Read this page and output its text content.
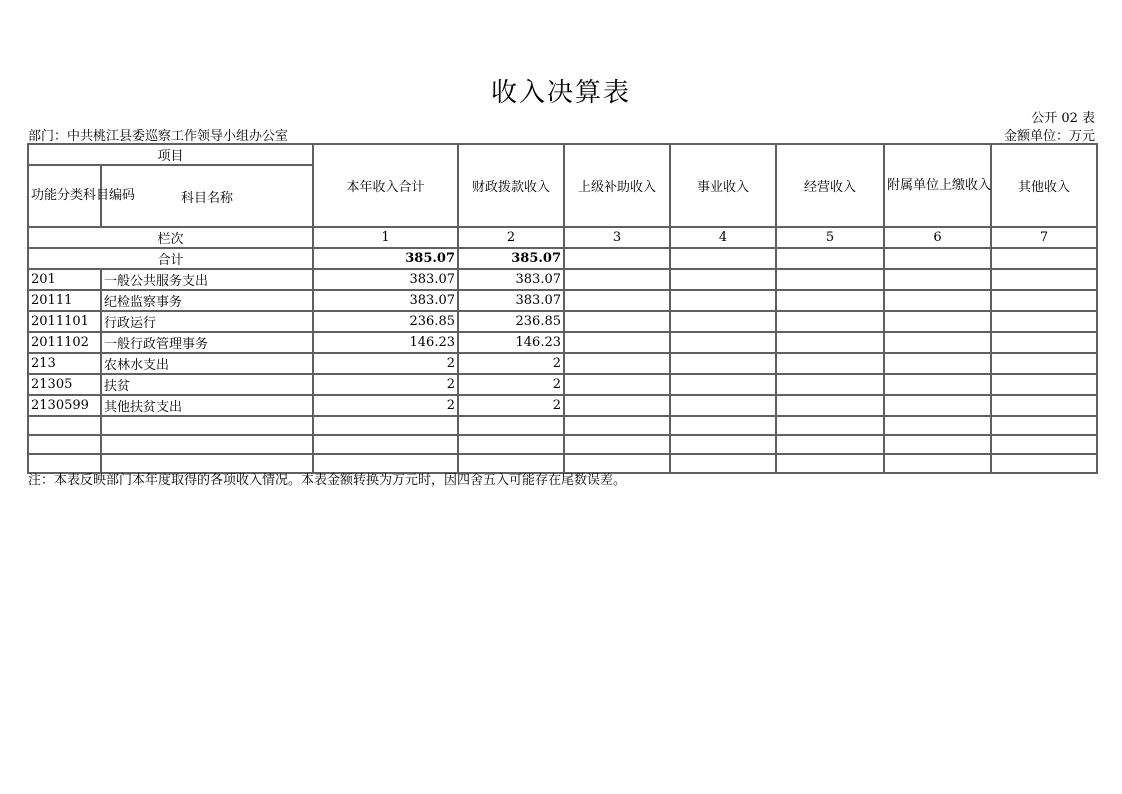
收入决算表
公开 02 表
部门：中共桃江县委巡察工作领导小组办公室	金额单位：万元
项目		本年收入合计	财政拨款收入	上级补助收入	事业收入	经营收入	附属单位上缴收入	其他收入
功能分类科目编码	科目名称							
栏次		1	2	3	4	5	6	7
合计		385.07	385.07					
201	一般公共服务支出	383.07	383.07					
20111	纪检监察事务	383.07	383.07					
2011101	行政运行	236.85	236.85					
2011102	一般行政管理事务	146.23	146.23					
213	农林水支出	2	2					
21305	扶贫	2	2					
2130599	其他扶贫支出	2	2					

注：本表反映部门本年度取得的各项收入情况。本表金额转换为万元时，因四舍五入可能存在尾数误差。
